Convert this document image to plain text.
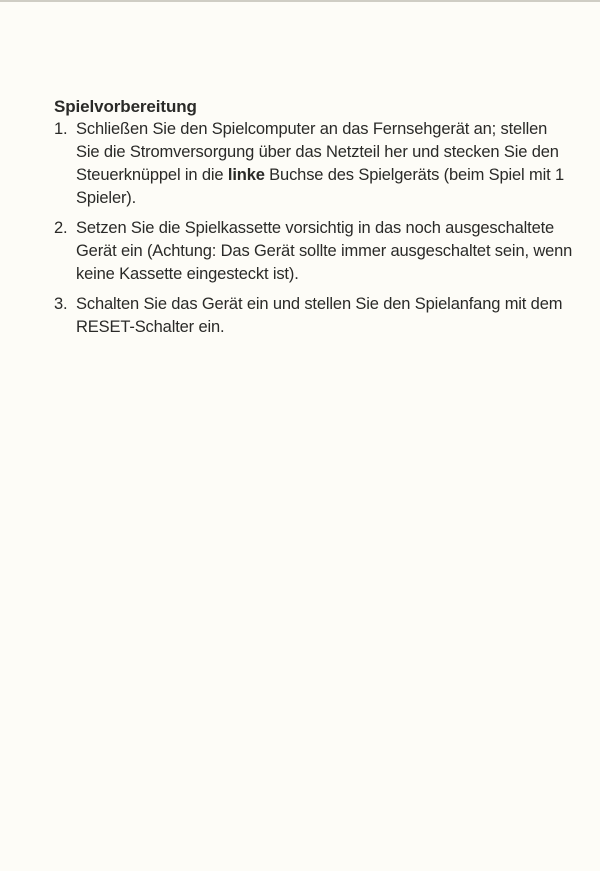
Spielvorbereitung
1. Schließen Sie den Spielcomputer an das Fernsehgerät an; stellen Sie die Stromversorgung über das Netzteil her und stecken Sie den Steuerknüppel in die linke Buchse des Spielgeräts (beim Spiel mit 1 Spieler).
2. Setzen Sie die Spielkassette vorsichtig in das noch ausgeschaltete Gerät ein (Achtung: Das Gerät sollte immer ausgeschaltet sein, wenn keine Kassette eingesteckt ist).
3. Schalten Sie das Gerät ein und stellen Sie den Spielanfang mit dem RESET-Schalter ein.
